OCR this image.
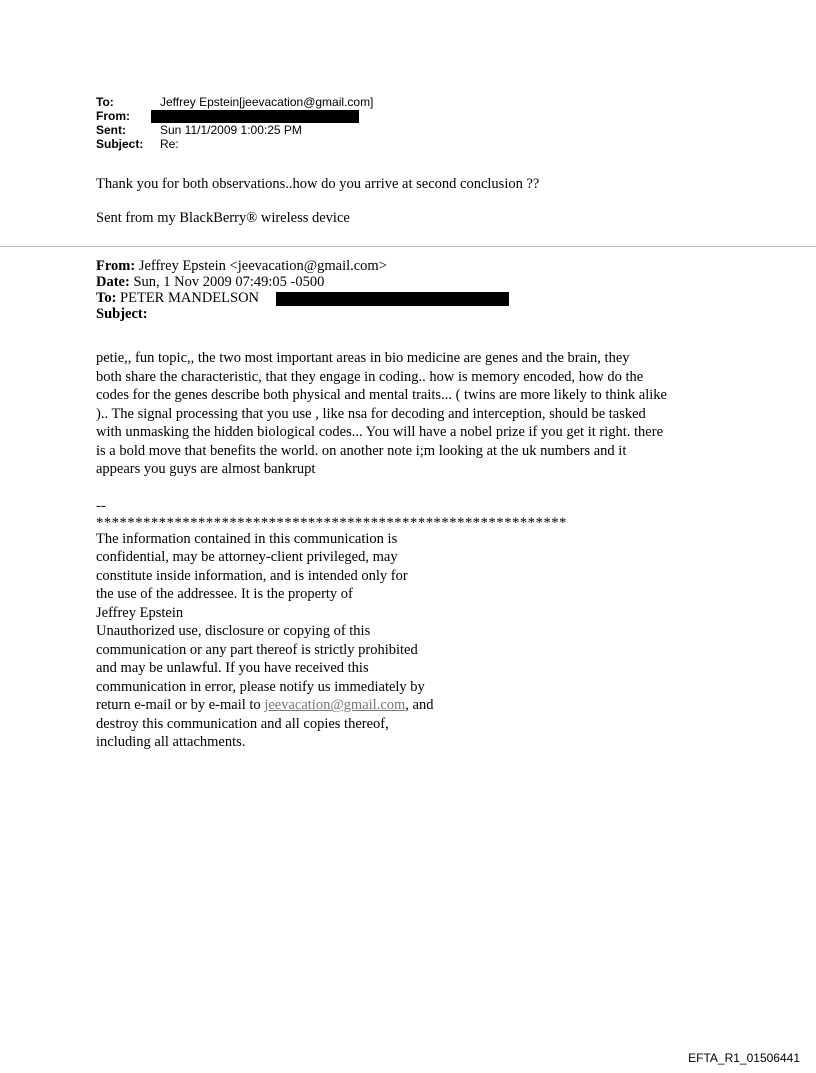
To:	Jeffrey Epstein[jeevacation@gmail.com]
From:
Sent:	Sun 11/1/2009 1:00:25 PM
Subject: Re:

Thank you for both observations..how do you arrive at second conclusion ??

Sent from my BlackBerry® wireless device

From: Jeffrey Epstein <jeevacation@gmail.com>
Date: Sun, 1 Nov 2009 07:49:05 -0500
To: PETER MANDELSON
Subject:
petie,, fun topic,, the two most important areas in bio medicine are genes and the brain, they
both share the characteristic, that they engage in coding.. how is memory encoded, how do the
codes for the genes describe both physical and mental traits... ( twins are more likely to think alike
).. The signal processing that you use , like nsa for decoding and interception, should be tasked
with unmasking the hidden biological codes... You will have a nobel prize if you get it right. there
is a bold move that benefits the world. on another note i;m looking at the uk numbers and it
appears you guys are almost bankrupt
--
************************************************************
The information contained in this communication is
confidential, may be attorney-client privileged, may
constitute inside information, and is intended only for
the use of the addressee. It is the property of
Jeffrey Epstein
Unauthorized use, disclosure or copying of this
communication or any part thereof is strictly prohibited
and may be unlawful. If you have received this
communication in error, please notify us immediately by
return e-mail or by e-mail to jeevacation@gmail.com, and
destroy this communication and all copies thereof,
including all attachments.
EFTA_R1_01506441
